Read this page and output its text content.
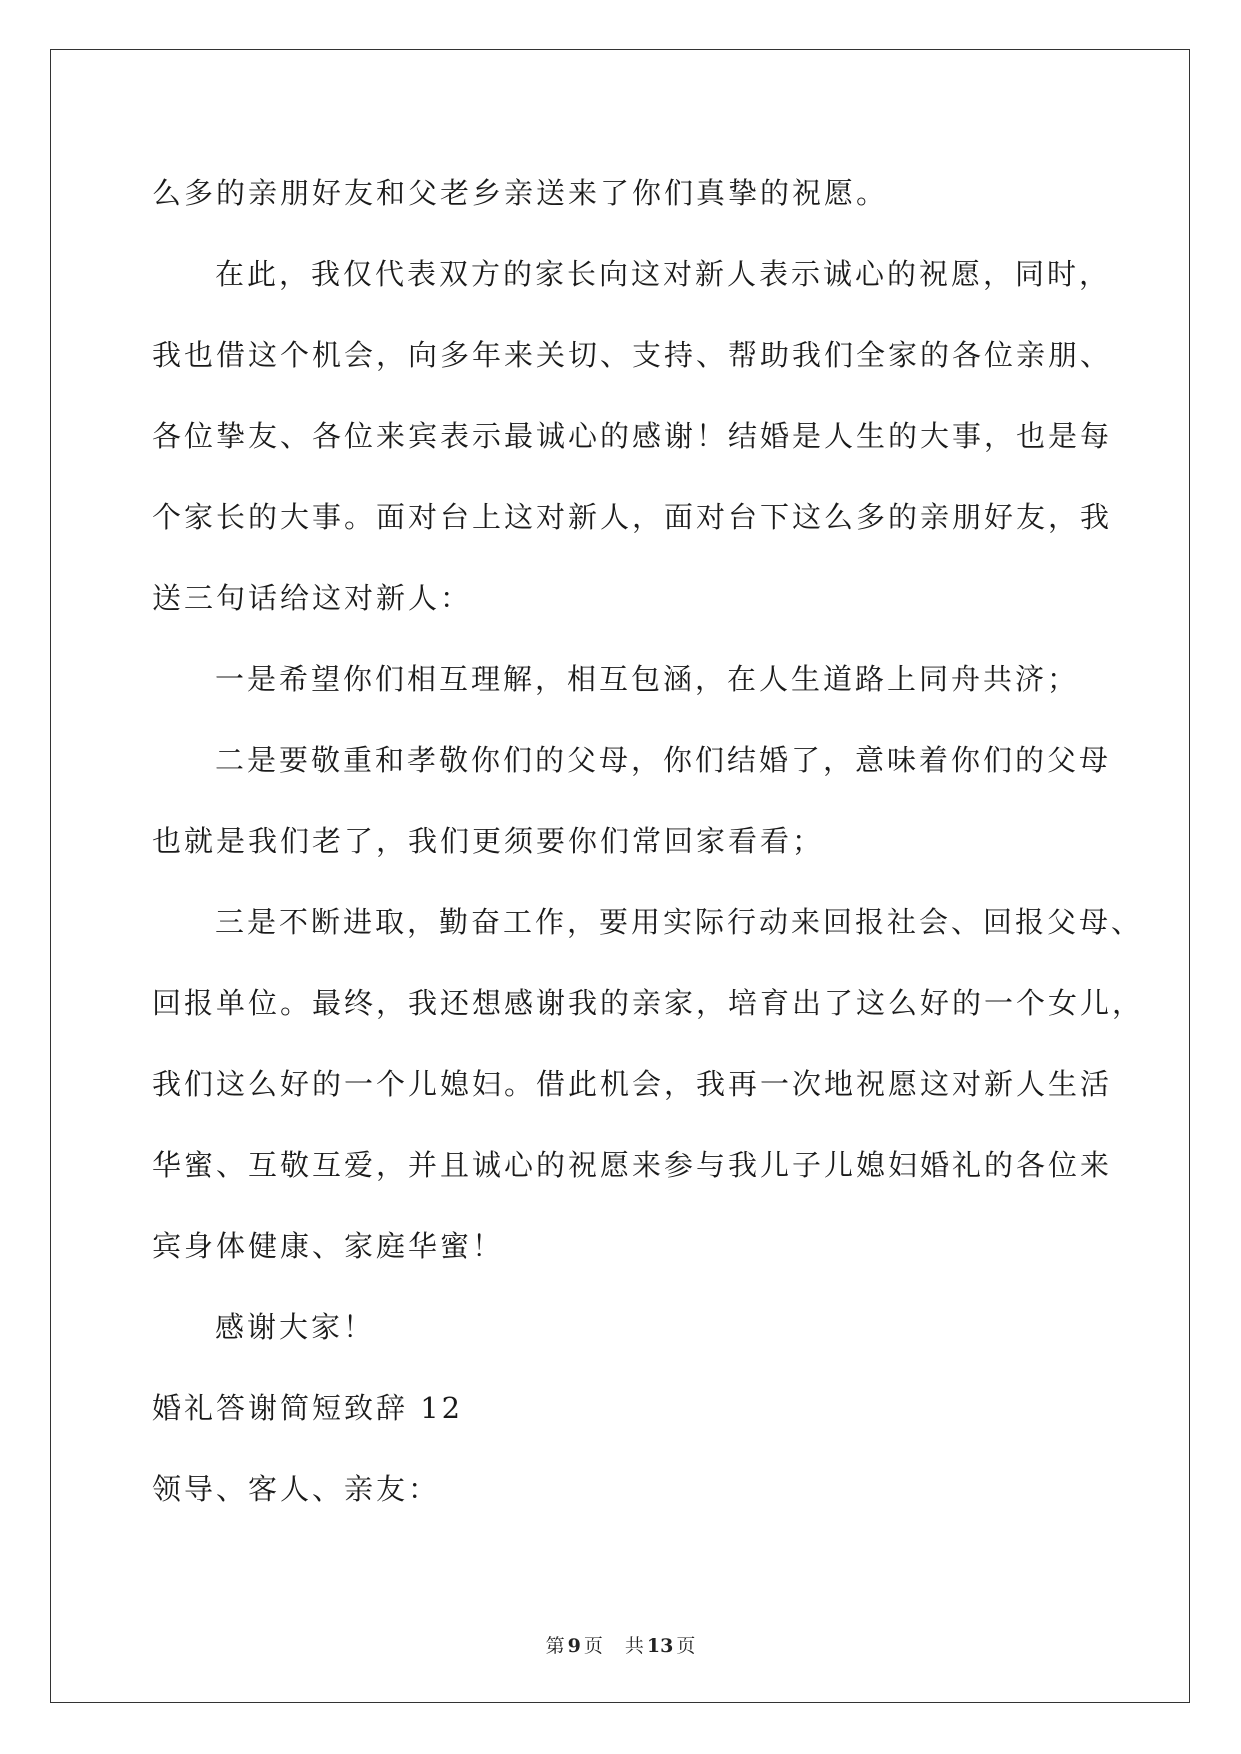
么多的亲朋好友和父老乡亲送来了你们真挚的祝愿。
在此，我仅代表双方的家长向这对新人表示诚心的祝愿，同时，
我也借这个机会，向多年来关切、支持、帮助我们全家的各位亲朋、
各位挚友、各位来宾表示最诚心的感谢！结婚是人生的大事，也是每
个家长的大事。面对台上这对新人，面对台下这么多的亲朋好友，我
送三句话给这对新人：
一是希望你们相互理解，相互包涵，在人生道路上同舟共济；
二是要敬重和孝敬你们的父母，你们结婚了，意味着你们的父母
也就是我们老了，我们更须要你们常回家看看；
三是不断进取，勤奋工作，要用实际行动来回报社会、回报父母、
回报单位。最终，我还想感谢我的亲家，培育出了这么好的一个女儿，
我们这么好的一个儿媳妇。借此机会，我再一次地祝愿这对新人生活
华蜜、互敬互爱，并且诚心的祝愿来参与我儿子儿媳妇婚礼的各位来
宾身体健康、家庭华蜜！
感谢大家！
婚礼答谢简短致辞 12
领导、客人、亲友：
第 9 页 共 13 页
